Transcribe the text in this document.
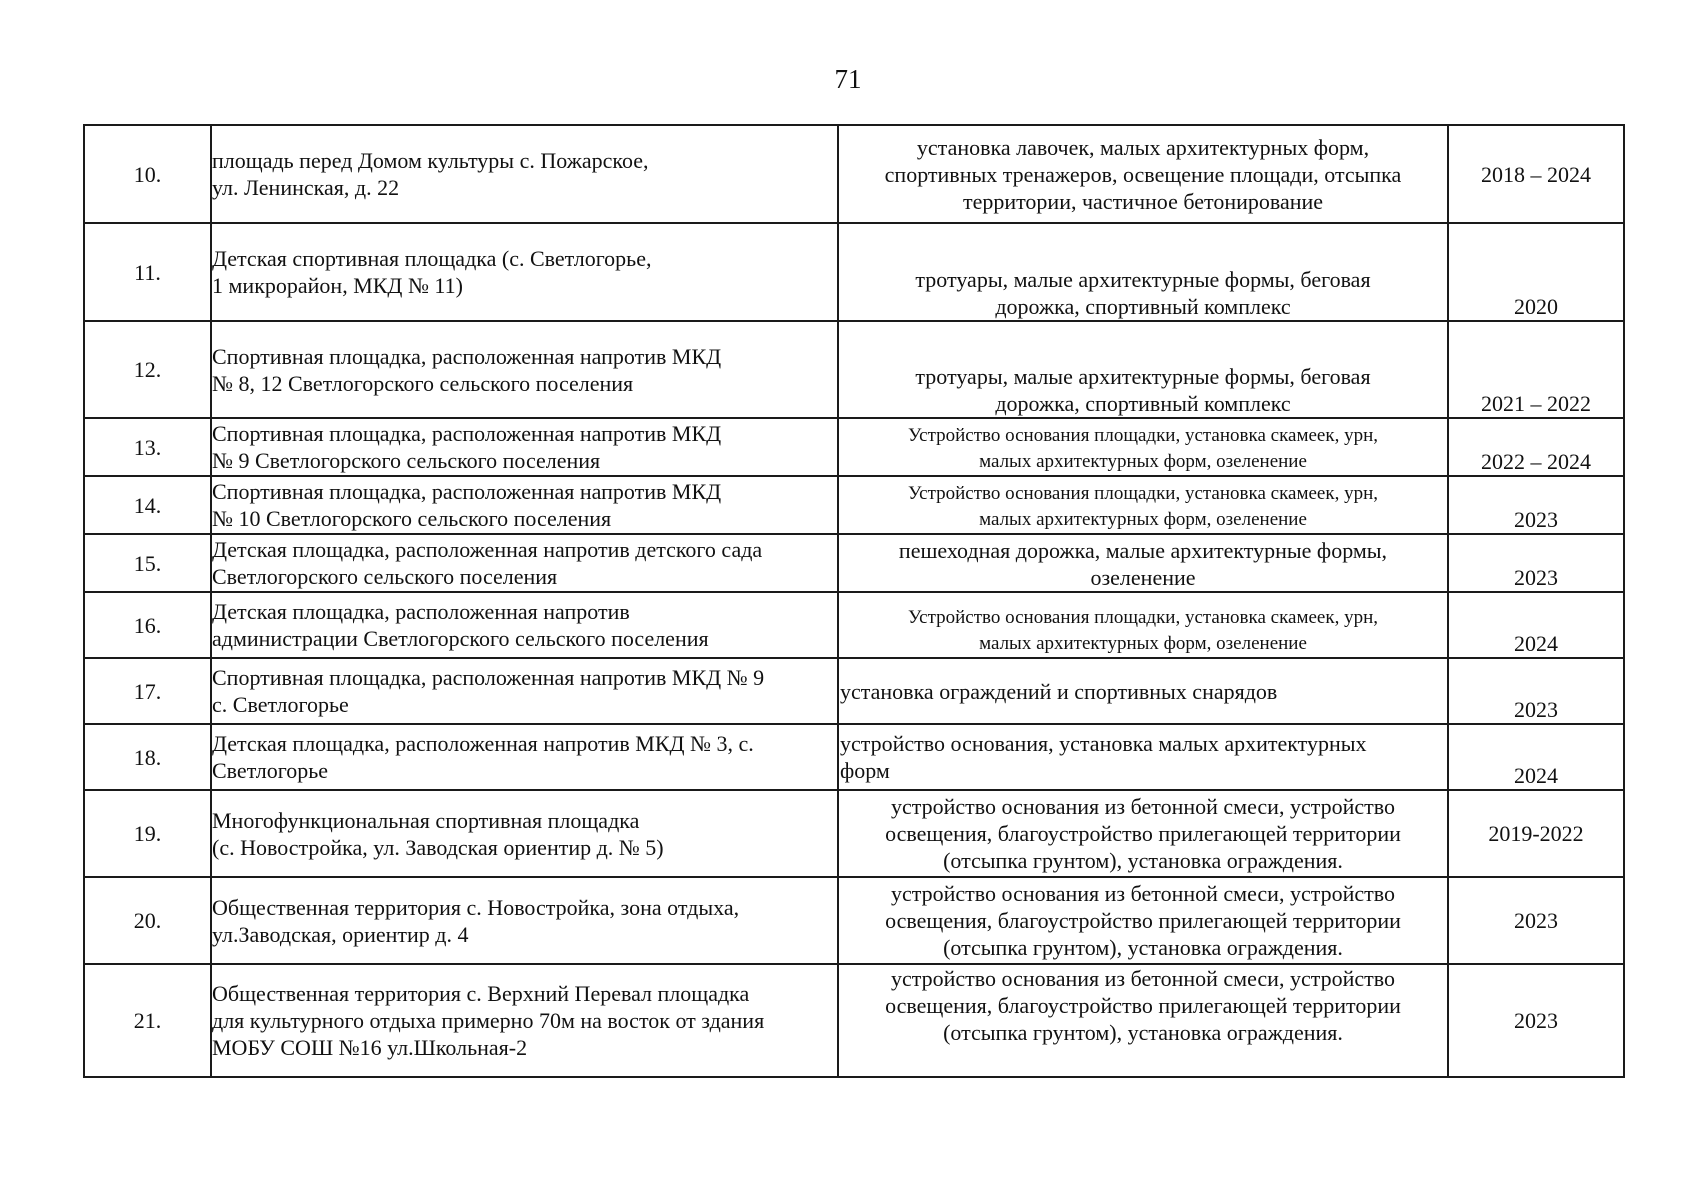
71
10.	площадь перед Домом культуры с. Пожарское,
ул. Ленинская, д. 22	установка лавочек, малых архитектурных форм,
спортивных тренажеров, освещение площади, отсыпка
территории, частичное бетонирование	2018 – 2024
11.	Детская спортивная площадка (с. Светлогорье,
1 микрорайон, МКД № 11)	тротуары, малые архитектурные формы, беговая
дорожка, спортивный комплекс	2020
12.	Спортивная площадка, расположенная напротив МКД
№ 8, 12 Светлогорского сельского поселения	тротуары, малые архитектурные формы, беговая
дорожка, спортивный комплекс	2021 – 2022
13.	Спортивная площадка, расположенная напротив МКД
№ 9 Светлогорского сельского поселения	Устройство основания площадки, установка скамеек, урн,
малых архитектурных форм, озеленение	2022 – 2024
14.	Спортивная площадка, расположенная напротив МКД
№ 10 Светлогорского сельского поселения	Устройство основания площадки, установка скамеек, урн,
малых архитектурных форм, озеленение	2023
15.	Детская площадка, расположенная напротив детского сада
Светлогорского сельского поселения	пешеходная дорожка, малые архитектурные формы,
озеленение	2023
16.	Детская площадка, расположенная напротив
администрации Светлогорского сельского поселения	Устройство основания площадки, установка скамеек, урн,
малых архитектурных форм, озеленение	2024
17.	Спортивная площадка, расположенная напротив МКД № 9
с. Светлогорье	установка ограждений и спортивных снарядов	2023
18.	Детская площадка, расположенная напротив МКД № 3, с.
Светлогорье	устройство основания, установка малых архитектурных
форм	2024
19.	Многофункциональная спортивная площадка
(с. Новостройка, ул. Заводская ориентир д. № 5)	устройство основания из бетонной смеси, устройство
освещения, благоустройство прилегающей территории
(отсыпка грунтом), установка ограждения.	2019-2022
20.	Общественная территория с. Новостройка, зона отдыха,
ул.Заводская, ориентир д. 4	устройство основания из бетонной смеси, устройство
освещения, благоустройство прилегающей территории
(отсыпка грунтом), установка ограждения.	2023
21.	Общественная территория с. Верхний Перевал площадка
для культурного отдыха примерно 70м на восток от здания
МОБУ СОШ №16 ул.Школьная-2	устройство основания из бетонной смеси, устройство
освещения, благоустройство прилегающей территории
(отсыпка грунтом), установка ограждения.	2023
